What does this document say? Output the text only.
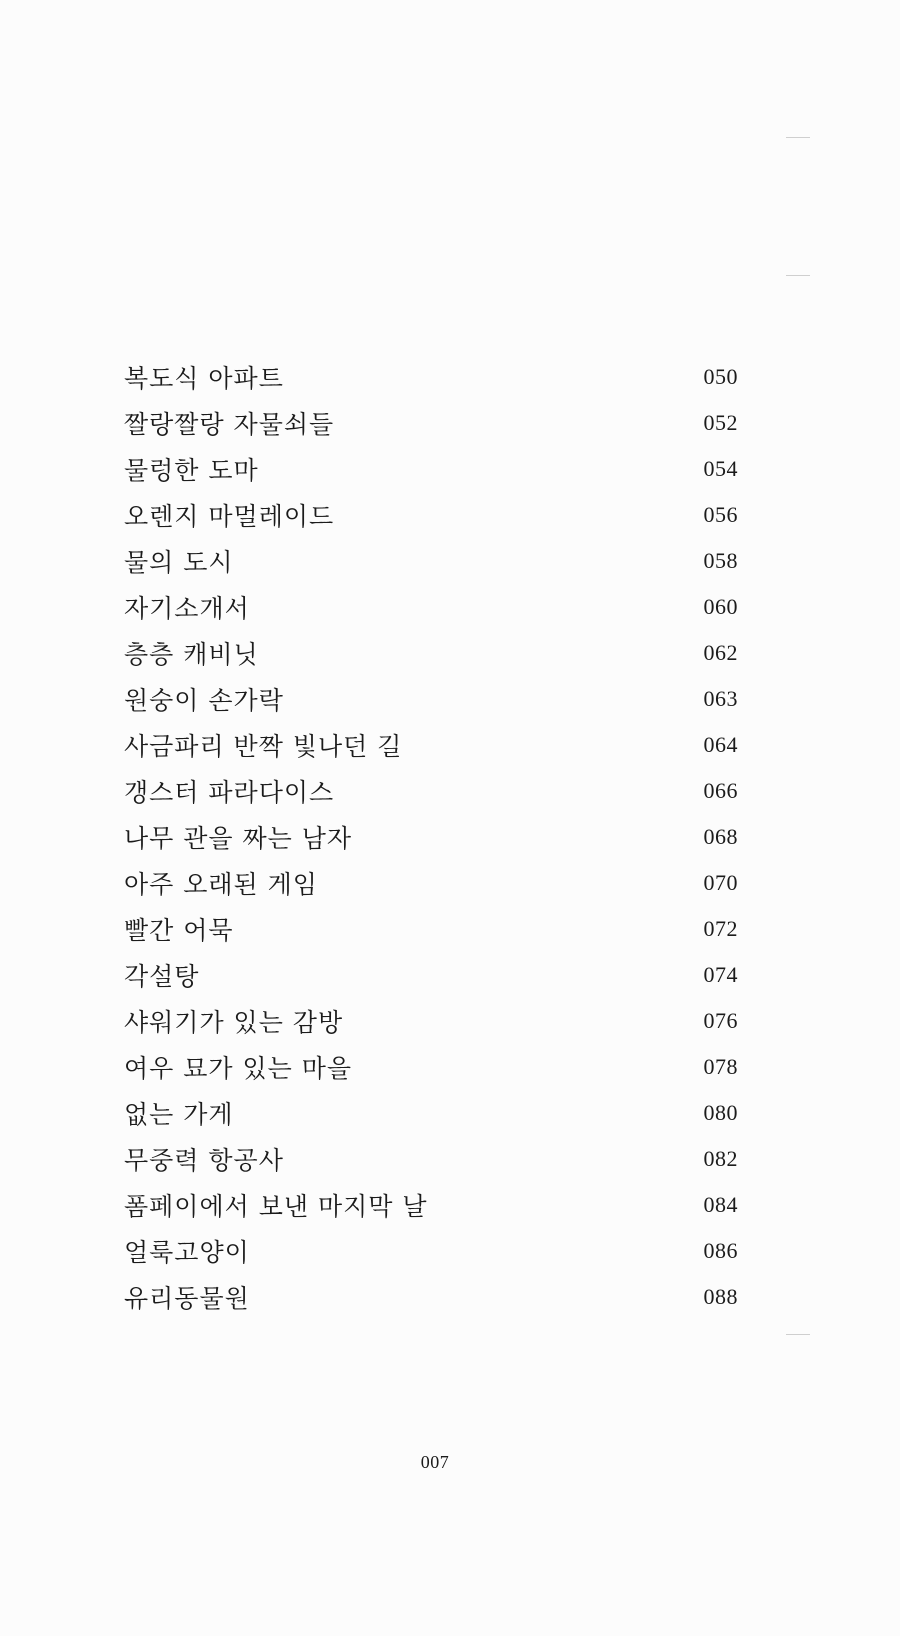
복도식 아파트	050
짤랑짤랑 자물쇠들	052
물렁한 도마	054
오렌지 마멀레이드	056
물의 도시	058
자기소개서	060
층층 캐비닛	062
원숭이 손가락	063
사금파리 반짝 빛나던 길	064
갱스터 파라다이스	066
나무 관을 짜는 남자	068
아주 오래된 게임	070
빨간 어묵	072
각설탕	074
샤워기가 있는 감방	076
여우 묘가 있는 마을	078
없는 가게	080
무중력 항공사	082
폼페이에서 보낸 마지막 날	084
얼룩고양이	086
유리동물원	088
007
